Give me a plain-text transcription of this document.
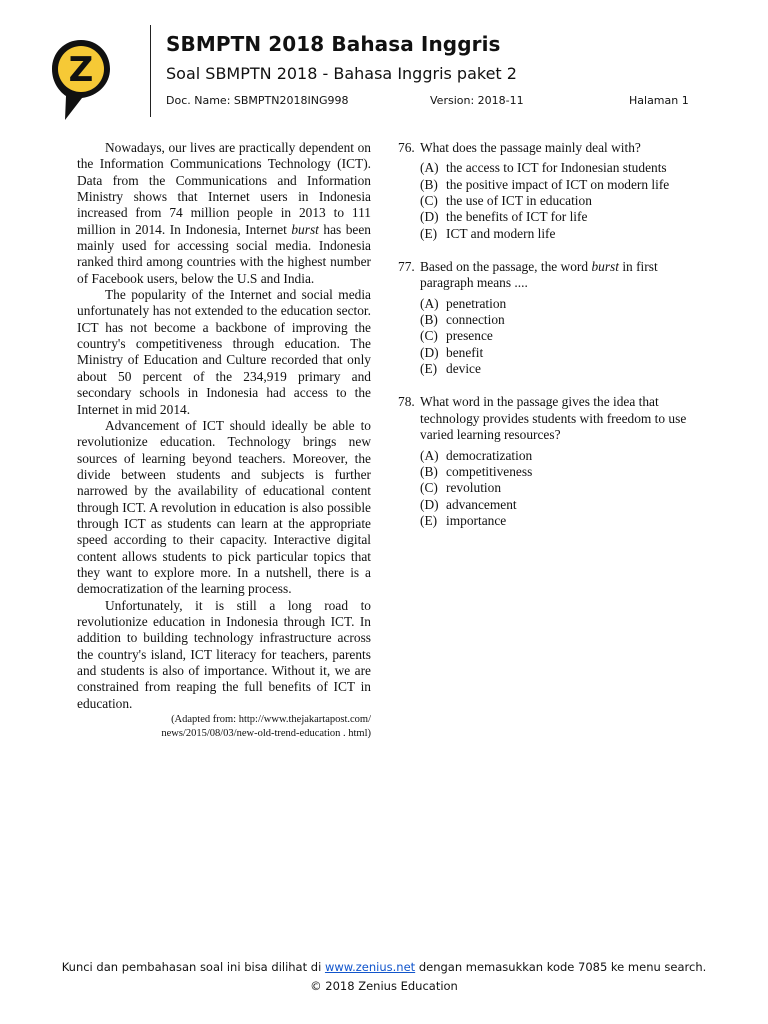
Z
SBMPTN 2018 Bahasa Inggris
Soal SBMPTN 2018 - Bahasa Inggris paket 2
Doc. Name: SBMPTN2018ING998	Version: 2018-11	Halaman 1

Nowadays, our lives are practically dependent on the Information Communications Technology (ICT). Data from the Communications and Information Ministry shows that Internet users in Indonesia increased from 74 million people in 2013 to 111 million in 2014. In Indonesia, Internet burst has been mainly used for accessing social media. Indonesia ranked third among countries with the highest number of Facebook users, below the U.S and India.

The popularity of the Internet and social media unfortunately has not extended to the education sector. ICT has not become a backbone of improving the country's competitiveness through education. The Ministry of Education and Culture recorded that only about 50 percent of the 234,919 primary and secondary schools in Indonesia had access to the Internet in mid 2014.

Advancement of ICT should ideally be able to revolutionize education. Technology brings new sources of learning beyond teachers. Moreover, the divide between students and subjects is further narrowed by the availability of educational content through ICT. A revolution in education is also possible through ICT as students can learn at the appropriate speed according to their capacity. Interactive digital content allows students to pick particular topics that they want to explore more. In a nutshell, there is a democratization of the learning process.

Unfortunately, it is still a long road to revolutionize education in Indonesia through ICT. In addition to building technology infrastructure across the country's island, ICT literacy for teachers, parents and students is also of importance. Without it, we are constrained from reaping the full benefits of ICT in education.

(Adapted from: http://www.thejakartapost.com/
news/2015/08/03/new-old-trend-education . html)
76. What does the passage mainly deal with?
(A) the access to ICT for Indonesian students
(B) the positive impact of ICT on modern life
(C) the use of ICT in education
(D) the benefits of ICT for life
(E) ICT and modern life
77. Based on the passage, the word burst in first paragraph means ....
(A) penetration
(B) connection
(C) presence
(D) benefit
(E) device
78. What word in the passage gives the idea that technology provides students with freedom to use varied learning resources?
(A) democratization
(B) competitiveness
(C) revolution
(D) advancement
(E) importance
Kunci dan pembahasan soal ini bisa dilihat di www.zenius.net dengan memasukkan kode 7085 ke menu search.
© 2018 Zenius Education
